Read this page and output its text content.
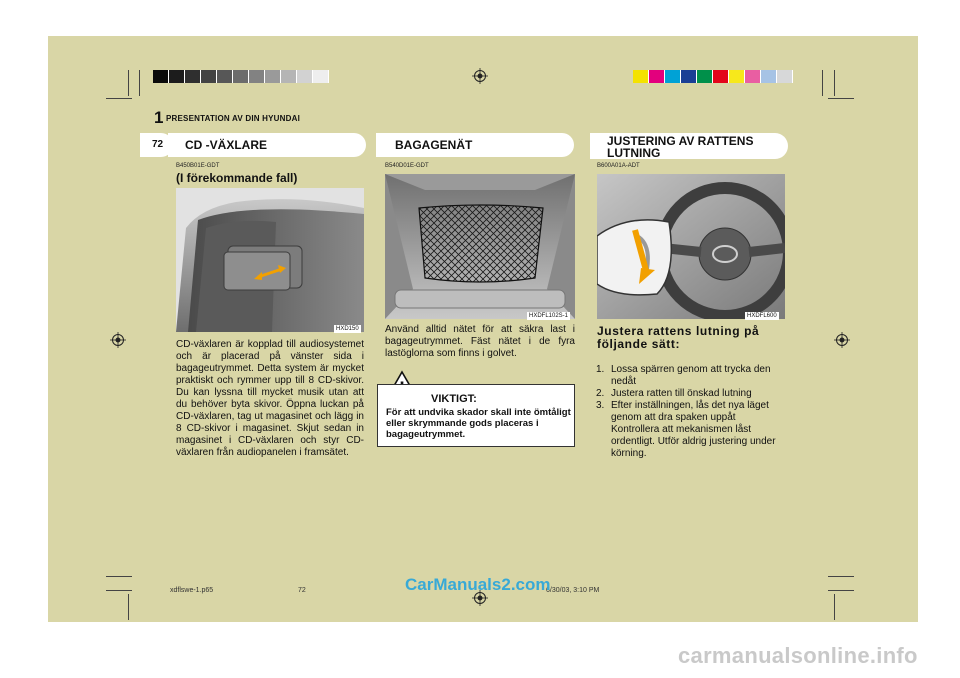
1 PRESENTATION AV DIN HYUNDAI
72	CD -VÄXLARE	BAGAGENÄT	JUSTERING AV RATTENS LUTNING
B450B01E-GDT
(I förekommande fall)
HXD150
CD-växlaren är kopplad till audiosystemet och är placerad på vänster sida i bagageutrymmet. Detta system är mycket praktiskt och rymmer upp till 8 CD-skivor. Du kan lyssna till mycket musik utan att du behöver byta skivor. Öppna luckan på CD-växlaren, tag ut magasinet och lägg in 8 CD-skivor i magasinet. Skjut sedan in magasinet i CD-växlaren och styr CD-växlaren från audiopanelen i framsätet.
B540D01E-GDT
HXDFL102S-1
Använd alltid nätet för att säkra last i bagageutrymmet. Fäst nätet i de fyra lastöglorna som finns i golvet.
VIKTIGT:
För att undvika skador skall inte ömtåligt eller skrymmande gods placeras i bagageutrymmet.
B600A01A-ADT
HXDFL600
Justera rattens lutning på följande sätt:
1. Lossa spärren genom att trycka den nedåt
2. Justera ratten till önskad lutning
3. Efter inställningen, lås det nya läget genom att dra spaken uppåt Kontrollera att mekanismen låst ordentligt. Utför aldrig justering under körning.
xdflswe-1.p65	72	6/30/03, 3:10 PM
CarManuals2.com
carmanualsonline.info
